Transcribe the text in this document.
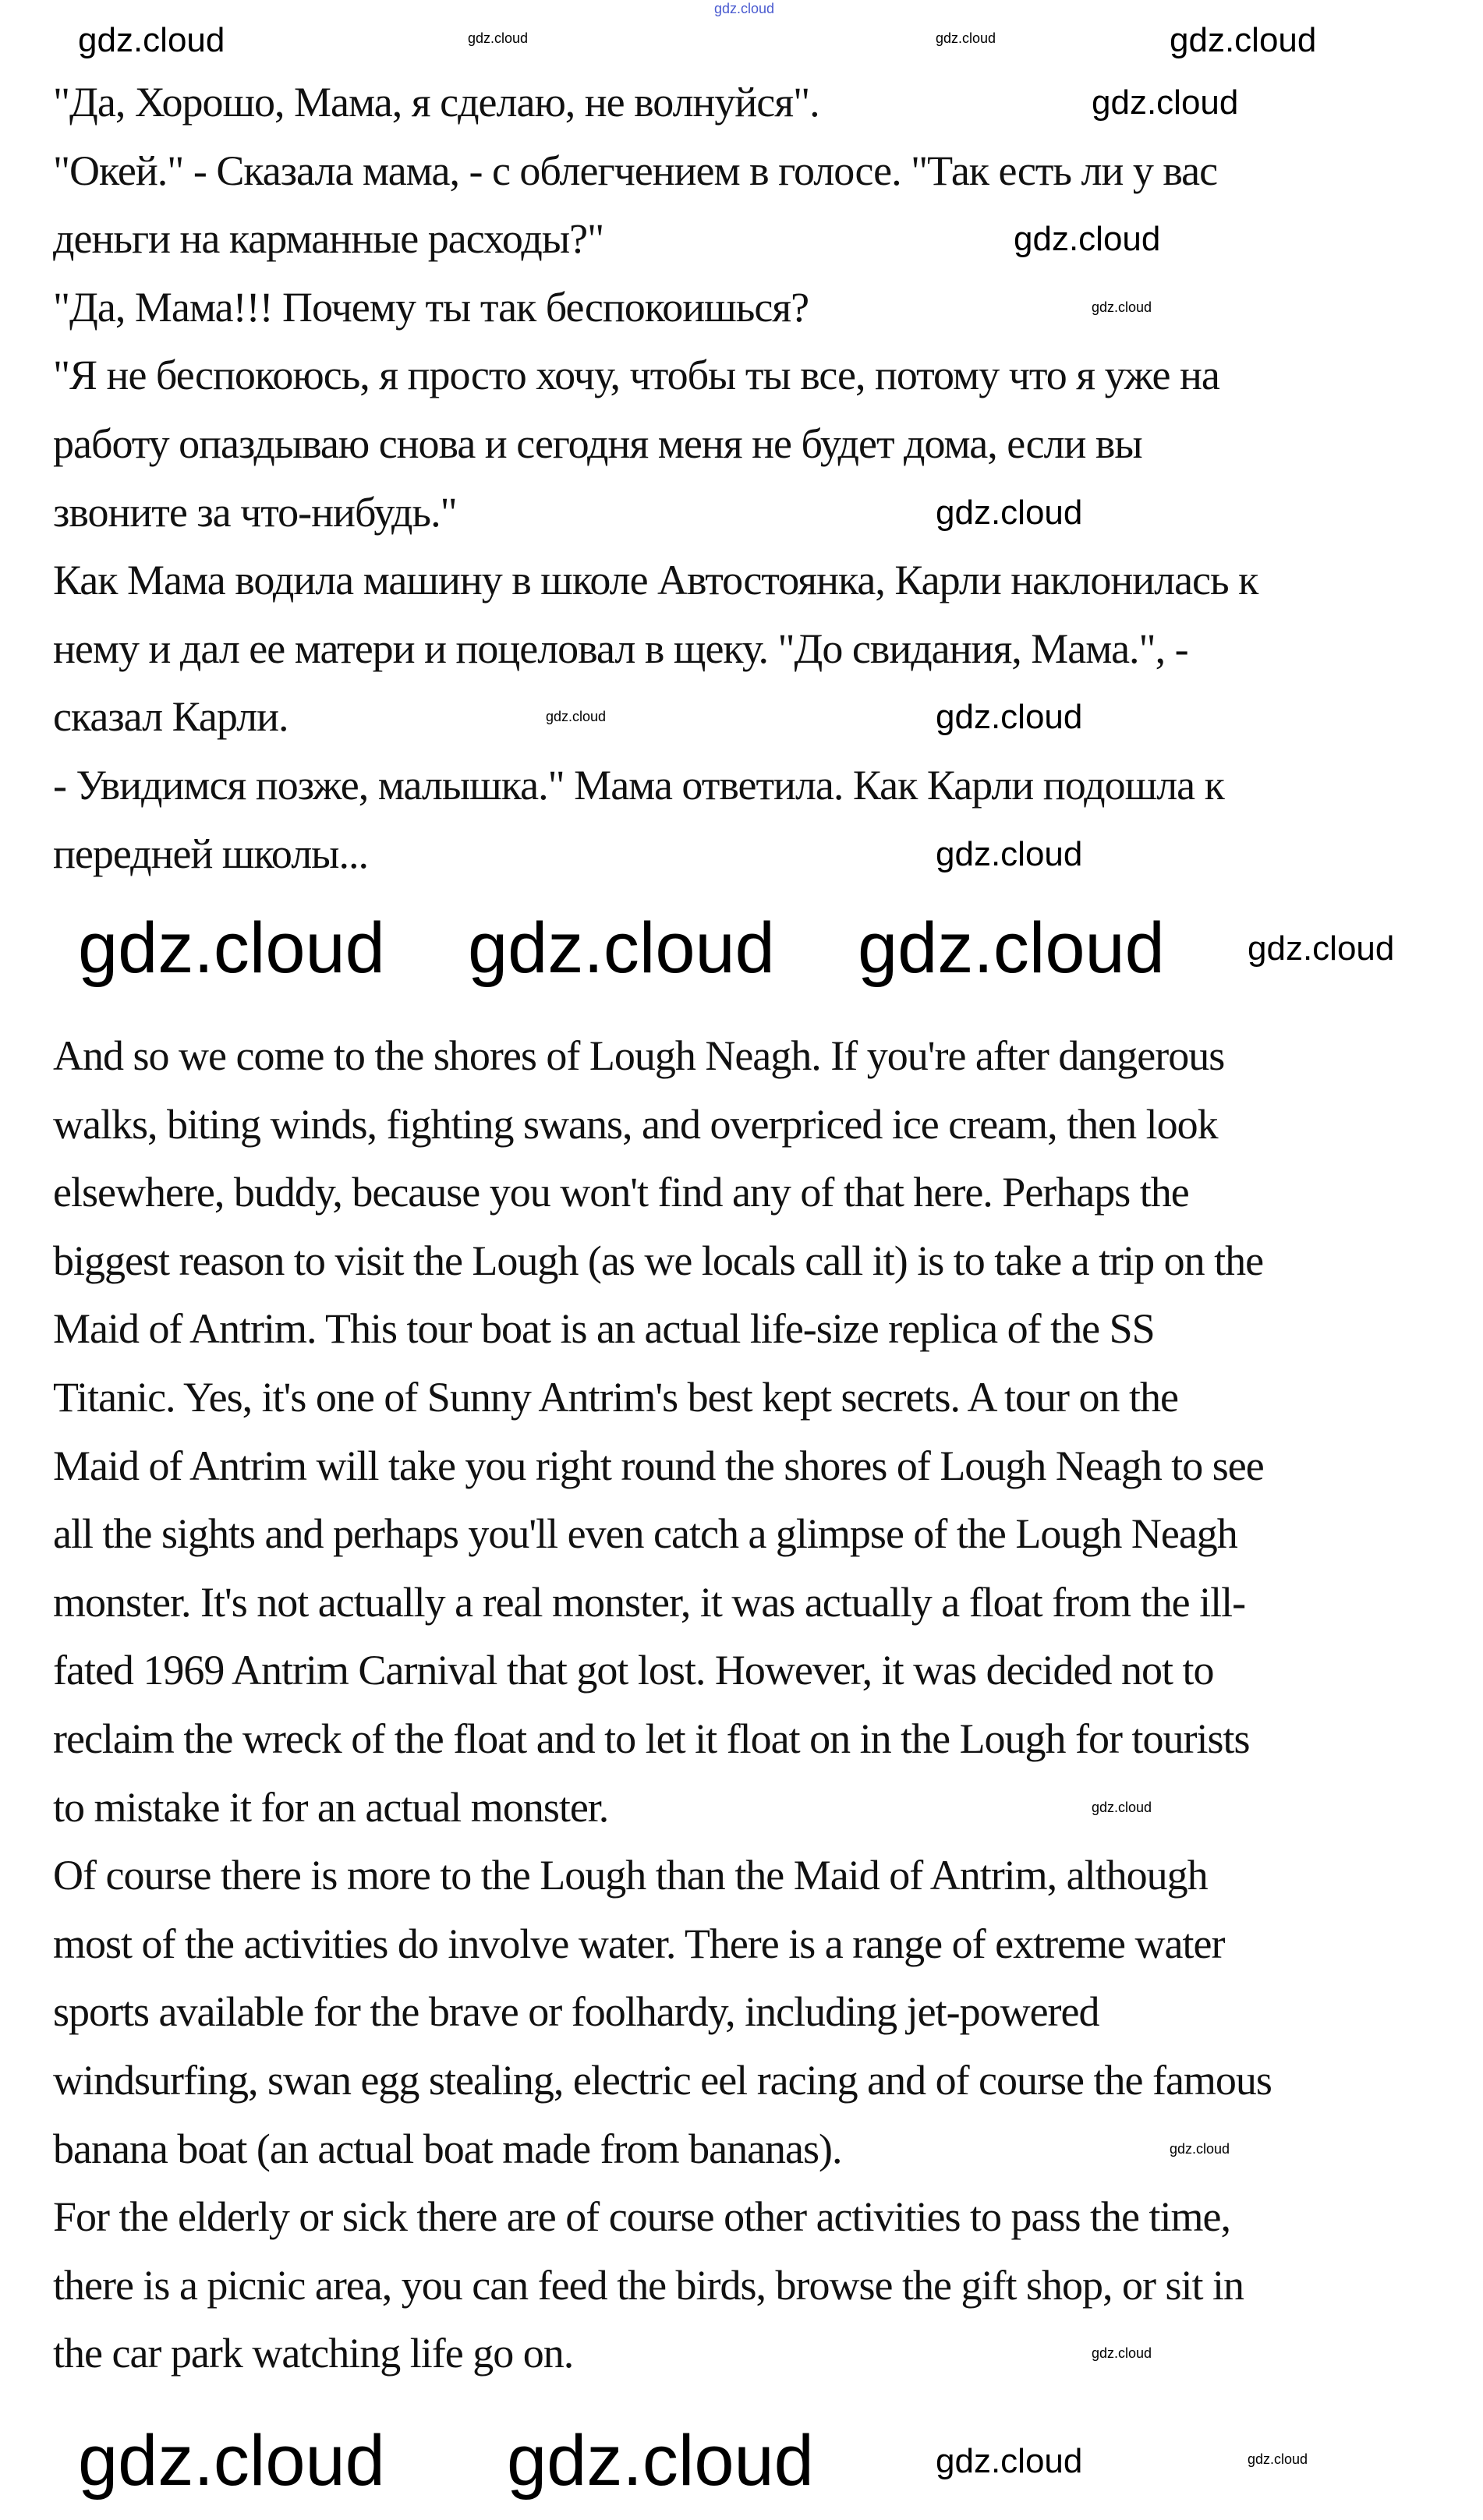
"Да, Хорошо, Мама, я сделаю, не волнуйся".
"Окей." - Сказала мама, - с облегчением в голосе. "Так есть ли у вас
деньги на карманные расходы?"
"Да, Мама!!! Почему ты так беспокоишься?
"Я не беспокоюсь, я просто хочу, чтобы ты все, потому что я уже на
работу опаздываю снова и сегодня меня не будет дома, если вы
звоните за что-нибудь."
Как Мама водила машину в школе Автостоянка, Карли наклонилась к
нему и дал ее матери и поцеловал в щеку. "До свидания, Мама.", -
сказал Карли.
- Увидимся позже, малышка." Мама ответила. Как Карли подошла к
передней школы...
And so we come to the shores of Lough Neagh. If you're after dangerous
walks, biting winds, fighting swans, and overpriced ice cream, then look
elsewhere, buddy, because you won't find any of that here. Perhaps the
biggest reason to visit the Lough (as we locals call it) is to take a trip on the
Maid of Antrim. This tour boat is an actual life-size replica of the SS
Titanic. Yes, it's one of Sunny Antrim's best kept secrets. A tour on the
Maid of Antrim will take you right round the shores of Lough Neagh to see
all the sights and perhaps you'll even catch a glimpse of the Lough Neagh
monster. It's not actually a real monster, it was actually a float from the ill-
fated 1969 Antrim Carnival that got lost. However, it was decided not to
reclaim the wreck of the float and to let it float on in the Lough for tourists
to mistake it for an actual monster.
Of course there is more to the Lough than the Maid of Antrim, although
most of the activities do involve water. There is a range of extreme water
sports available for the brave or foolhardy, including jet-powered
windsurfing, swan egg stealing, electric eel racing and of course the famous
banana boat (an actual boat made from bananas).
For the elderly or sick there are of course other activities to pass the time,
there is a picnic area, you can feed the birds, browse the gift shop, or sit in
the car park watching life go on.
gdz.cloud
gdz.cloud	gdz.cloud
gdz.cloud	gdz.cloud
gdz.cloud
gdz.cloud
gdz.cloud
gdz.cloud
gdz.cloud	gdz.cloud
gdz.cloud
gdz.cloud gdz.cloud gdz.cloud gdz.cloud
gdz.cloud
gdz.cloud
gdz.cloud
gdz.cloud gdz.cloud	gdz.cloud	gdz.cloud
